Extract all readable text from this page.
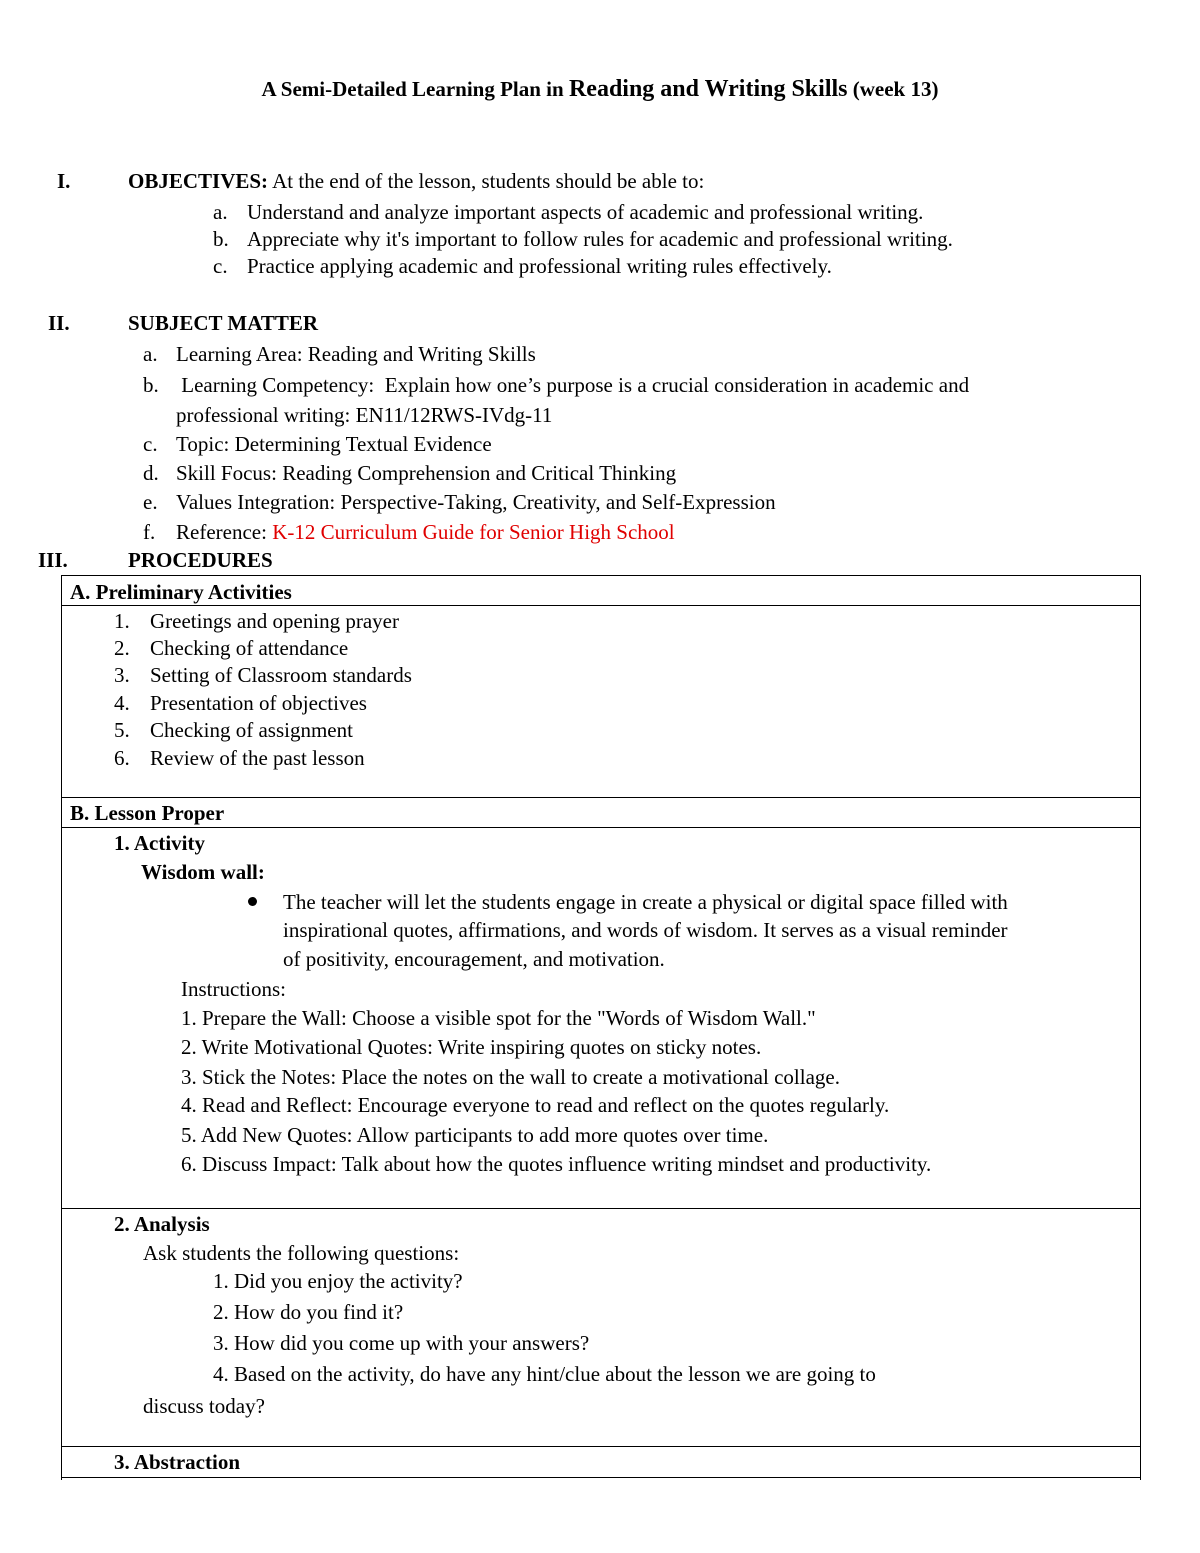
A Semi-Detailed Learning Plan in Reading and Writing Skills (week 13)
I.	OBJECTIVES: At the end of the lesson, students should be able to:
a. Understand and analyze important aspects of academic and professional writing.
b. Appreciate why it's important to follow rules for academic and professional writing.
c. Practice applying academic and professional writing rules effectively.
II.	SUBJECT MATTER
a. Learning Area: Reading and Writing Skills
b. Learning Competency:  Explain how one’s purpose is a crucial consideration in academic and
professional writing: EN11/12RWS-IVdg-11
c. Topic: Determining Textual Evidence
d. Skill Focus: Reading Comprehension and Critical Thinking
e. Values Integration: Perspective-Taking, Creativity, and Self-Expression
f. Reference: K-12 Curriculum Guide for Senior High School
III.	PROCEDURES
A. Preliminary Activities
1. Greetings and opening prayer
2. Checking of attendance
3. Setting of Classroom standards
4. Presentation of objectives
5. Checking of assignment
6. Review of the past lesson
B. Lesson Proper
1. Activity
Wisdom wall:
The teacher will let the students engage in create a physical or digital space filled with
inspirational quotes, affirmations, and words of wisdom. It serves as a visual reminder
of positivity, encouragement, and motivation.
Instructions:
1. Prepare the Wall: Choose a visible spot for the "Words of Wisdom Wall."
2. Write Motivational Quotes: Write inspiring quotes on sticky notes.
3. Stick the Notes: Place the notes on the wall to create a motivational collage.
4. Read and Reflect: Encourage everyone to read and reflect on the quotes regularly.
5. Add New Quotes: Allow participants to add more quotes over time.
6. Discuss Impact: Talk about how the quotes influence writing mindset and productivity.
2. Analysis
Ask students the following questions:
1. Did you enjoy the activity?
2. How do you find it?
3. How did you come up with your answers?
4. Based on the activity, do have any hint/clue about the lesson we are going to
discuss today?
3. Abstraction
